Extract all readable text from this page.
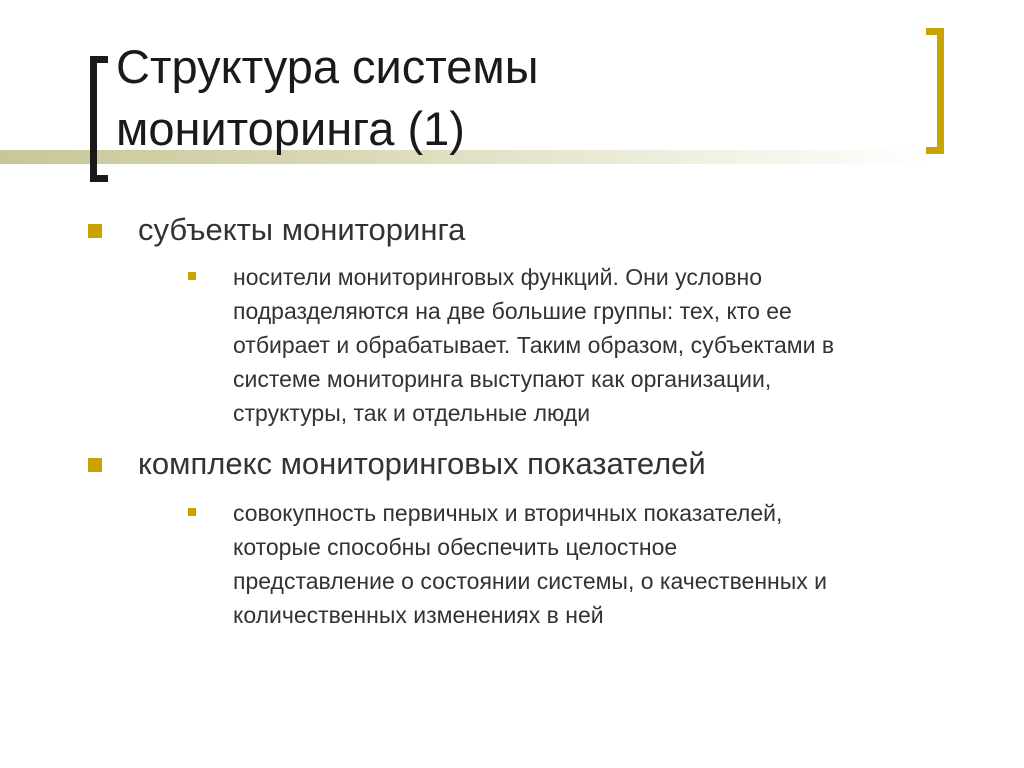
Структура системы
мониторинга (1)
субъекты мониторинга
носители мониторинговых функций. Они условно
подразделяются на две большие группы: тех, кто ее
отбирает и обрабатывает. Таким образом, субъектами в
системе мониторинга выступают как организации,
структуры, так и отдельные люди
комплекс мониторинговых показателей
совокупность первичных и вторичных показателей,
которые способны обеспечить целостное
представление о состоянии системы, о качественных и
количественных изменениях в ней
